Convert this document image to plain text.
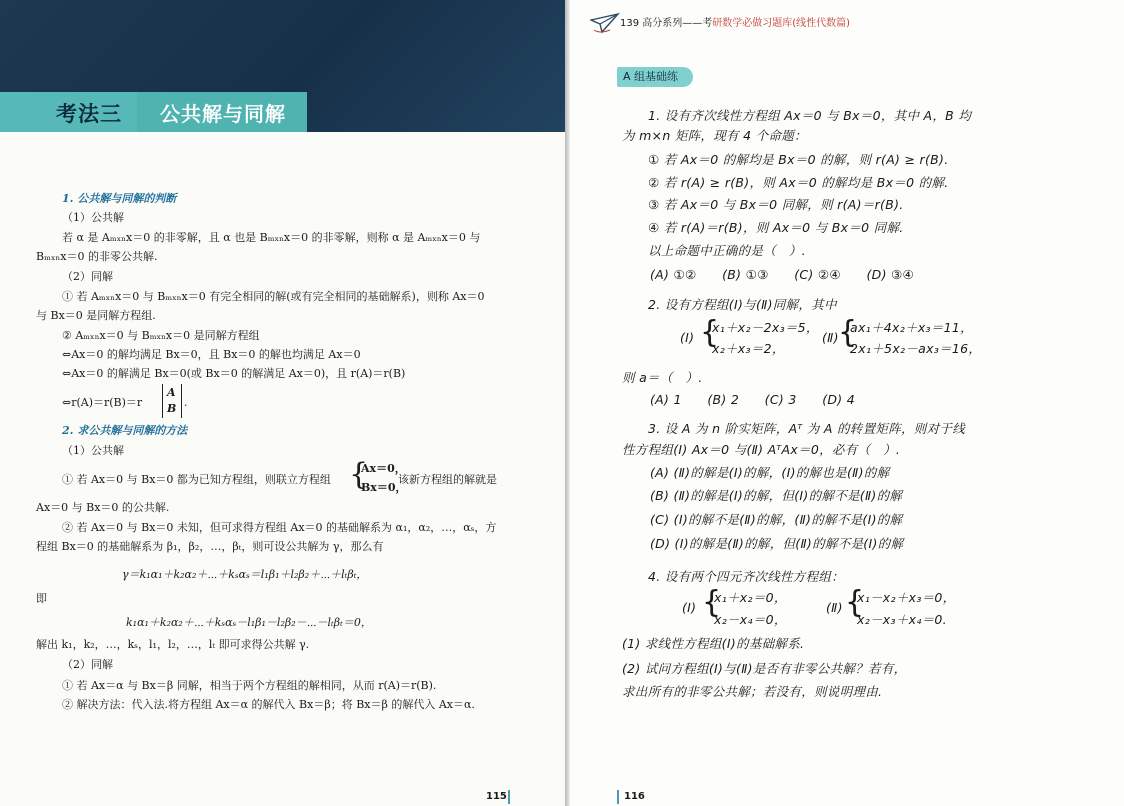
考法三 公共解与同解
1. 公共解与同解的判断
（1）公共解
若 α 是 Aₘₓₙx＝0 的非零解，且 α 也是 Bₘₓₙx＝0 的非零解，则称 α 是 Aₘₓₙx＝0 与
Bₘₓₙx＝0 的非零公共解.
（2）同解
① 若 Aₘₓₙx＝0 与 Bₘₓₙx＝0 有完全相同的解(或有完全相同的基础解系)，则称 Ax＝0
与 Bx＝0 是同解方程组.
② Aₘₓₙx＝0 与 Bₘₓₙx＝0 是同解方程组
⇔Ax＝0 的解均满足 Bx＝0，且 Bx＝0 的解也均满足 Ax＝0
⇔Ax＝0 的解满足 Bx＝0(或 Bx＝0 的解满足 Ax＝0)，且 r(A)＝r(B)
⇔r(A)＝r(B)＝r
A
B .
2. 求公共解与同解的方法
（1）公共解
① 若 Ax＝0 与 Bx＝0 都为已知方程组，则联立方程组 {
Ax＝0，
Bx＝0，
该新方程组的解就是
Ax＝0 与 Bx＝0 的公共解.
② 若 Ax＝0 与 Bx＝0 未知，但可求得方程组 Ax＝0 的基础解系为 α₁，α₂，…，αₛ，方
程组 Bx＝0 的基础解系为 β₁，β₂，…，βₜ，则可设公共解为 γ，那么有
γ＝k₁α₁＋k₂α₂＋⋯＋kₛαₛ＝l₁β₁＋l₂β₂＋⋯＋lₜβₜ，
即
k₁α₁＋k₂α₂＋⋯＋kₛαₛ－l₁β₁－l₂β₂－⋯－lₜβₜ＝0，
解出 k₁，k₂，…，kₛ，l₁，l₂，…，lₜ 即可求得公共解 γ.
（2）同解
① 若 Ax＝α 与 Bx＝β 同解，相当于两个方程组的解相同，从而 r(A)＝r(B).
② 解决方法：代入法.将方程组 Ax＝α 的解代入 Bx＝β；将 Bx＝β 的解代入 Ax＝α.
115
139 高分系列——考研数学必做习题库(线性代数篇)
A 组基础练
1. 设有齐次线性方程组 Ax＝0 与 Bx＝0，其中 A，B 均
为 m×n 矩阵，现有 4 个命题：
① 若 Ax＝0 的解均是 Bx＝0 的解，则 r(A) ≥ r(B).
② 若 r(A) ≥ r(B)，则 Ax＝0 的解均是 Bx＝0 的解.
③ 若 Ax＝0 与 Bx＝0 同解，则 r(A)＝r(B).
④ 若 r(A)＝r(B)，则 Ax＝0 与 Bx＝0 同解.
以上命题中正确的是（　）.
(A) ①②　　(B) ①③　　(C) ②④　　(D) ③④
2. 设有方程组(Ⅰ)与(Ⅱ)同解，其中
(Ⅰ) {
x₁＋x₂－2x₃＝5，
x₂＋x₃＝2，
(Ⅱ) {
ax₁＋4x₂＋x₃＝11，
2x₁＋5x₂－ax₃＝16，
则 a＝（　）.
(A) 1　　(B) 2　　(C) 3　　(D) 4
3. 设 A 为 n 阶实矩阵，Aᵀ 为 A 的转置矩阵，则对于线
性方程组(Ⅰ) Ax＝0 与(Ⅱ) AᵀAx＝0，必有（　）.
(A) (Ⅱ)的解是(Ⅰ)的解，(Ⅰ)的解也是(Ⅱ)的解
(B) (Ⅱ)的解是(Ⅰ)的解，但(Ⅰ)的解不是(Ⅱ)的解
(C) (Ⅰ)的解不是(Ⅱ)的解，(Ⅱ)的解不是(Ⅰ)的解
(D) (Ⅰ)的解是(Ⅱ)的解，但(Ⅱ)的解不是(Ⅰ)的解
4. 设有两个四元齐次线性方程组：
(Ⅰ) {
x₁＋x₂＝0，
x₂－x₄＝0，
(Ⅱ) {
x₁－x₂＋x₃＝0，
x₂－x₃＋x₄＝0.
(1) 求线性方程组(Ⅰ)的基础解系.
(2) 试问方程组(Ⅰ)与(Ⅱ)是否有非零公共解？若有，
求出所有的非零公共解；若没有，则说明理由.
116
